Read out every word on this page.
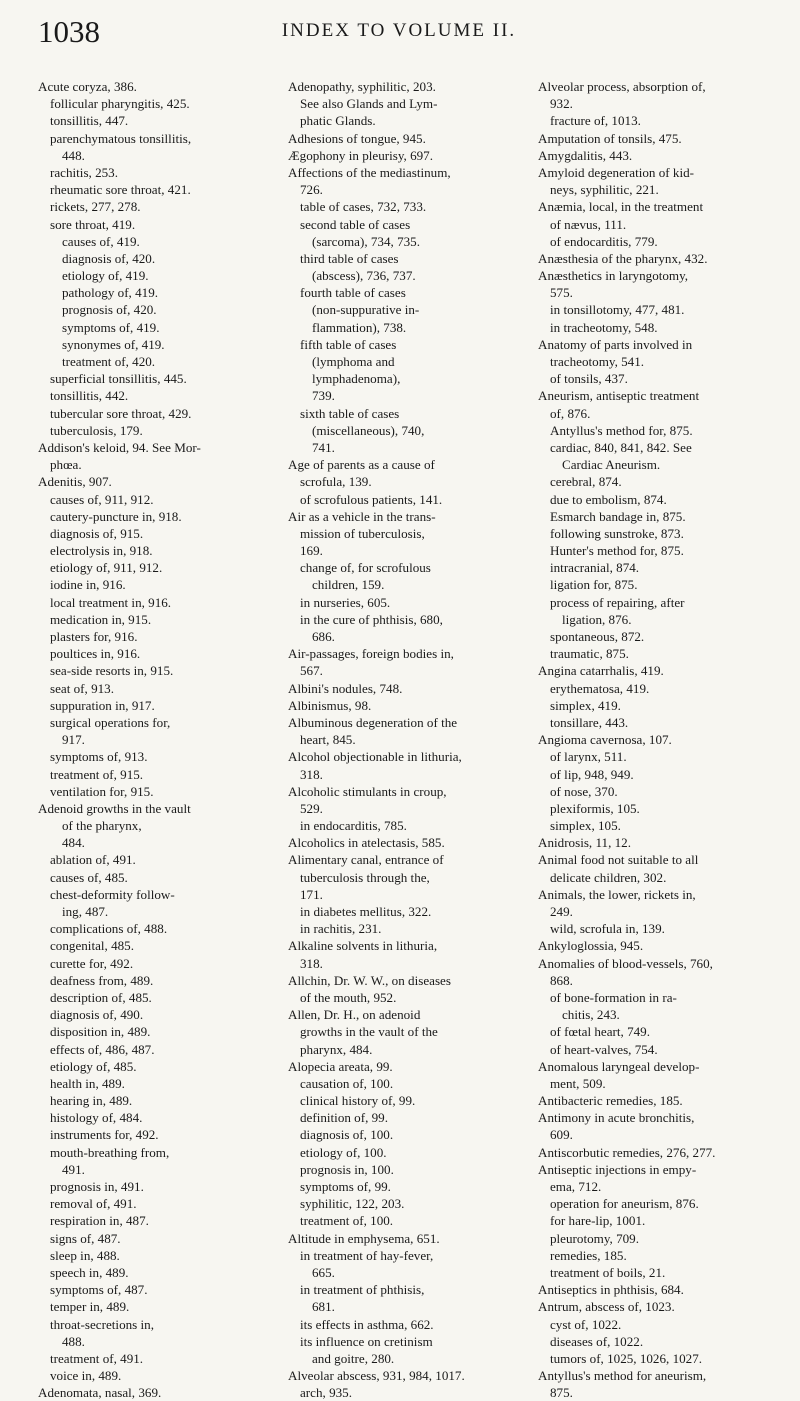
1038	INDEX TO VOLUME II.
Acute coryza, 386.
follicular pharyngitis, 425.
tonsillitis, 447.
parenchymatous tonsillitis,
448.
rachitis, 253.
rheumatic sore throat, 421.
rickets, 277, 278.
sore throat, 419.
causes of, 419.
diagnosis of, 420.
etiology of, 419.
pathology of, 419.
prognosis of, 420.
symptoms of, 419.
synonymes of, 419.
treatment of, 420.
superficial tonsillitis, 445.
tonsillitis, 442.
tubercular sore throat, 429.
tuberculosis, 179.
Addison's keloid, 94. See Mor-
phœa.
Adenitis, 907.
causes of, 911, 912.
cautery-puncture in, 918.
diagnosis of, 915.
electrolysis in, 918.
etiology of, 911, 912.
iodine in, 916.
local treatment in, 916.
medication in, 915.
plasters for, 916.
poultices in, 916.
sea-side resorts in, 915.
seat of, 913.
suppuration in, 917.
surgical operations for,
917.
symptoms of, 913.
treatment of, 915.
ventilation for, 915.
Adenoid growths in the vault
of the pharynx,
484.
ablation of, 491.
causes of, 485.
chest-deformity follow-
ing, 487.
complications of, 488.
congenital, 485.
curette for, 492.
deafness from, 489.
description of, 485.
diagnosis of, 490.
disposition in, 489.
effects of, 486, 487.
etiology of, 485.
health in, 489.
hearing in, 489.
histology of, 484.
instruments for, 492.
mouth-breathing from,
491.
prognosis in, 491.
removal of, 491.
respiration in, 487.
signs of, 487.
sleep in, 488.
speech in, 489.
symptoms of, 487.
temper in, 489.
throat-secretions in,
488.
treatment of, 491.
voice in, 489.
Adenomata, nasal, 369.
Adenopathy, syphilitic, 203.
See also Glands and Lym-
phatic Glands.
Adhesions of tongue, 945.
Ægophony in pleurisy, 697.
Affections of the mediastinum,
726.
table of cases, 732, 733.
second table of cases
(sarcoma), 734, 735.
third table of cases
(abscess), 736, 737.
fourth table of cases
(non-suppurative in-
flammation), 738.
fifth table of cases
(lymphoma and
lymphadenoma),
739.
sixth table of cases
(miscellaneous), 740,
741.
Age of parents as a cause of
scrofula, 139.
of scrofulous patients, 141.
Air as a vehicle in the trans-
mission of tuberculosis,
169.
change of, for scrofulous
children, 159.
in nurseries, 605.
in the cure of phthisis, 680,
686.
Air-passages, foreign bodies in,
567.
Albini's nodules, 748.
Albinismus, 98.
Albuminous degeneration of the
heart, 845.
Alcohol objectionable in lithuria,
318.
Alcoholic stimulants in croup,
529.
in endocarditis, 785.
Alcoholics in atelectasis, 585.
Alimentary canal, entrance of
tuberculosis through the,
171.
in diabetes mellitus, 322.
in rachitis, 231.
Alkaline solvents in lithuria,
318.
Allchin, Dr. W. W., on diseases
of the mouth, 952.
Allen, Dr. H., on adenoid
growths in the vault of the
pharynx, 484.
Alopecia areata, 99.
causation of, 100.
clinical history of, 99.
definition of, 99.
diagnosis of, 100.
etiology of, 100.
prognosis in, 100.
symptoms of, 99.
syphilitic, 122, 203.
treatment of, 100.
Altitude in emphysema, 651.
in treatment of hay-fever,
665.
in treatment of phthisis,
681.
its effects in asthma, 662.
its influence on cretinism
and goitre, 280.
Alveolar abscess, 931, 984, 1017.
arch, 935.
Alveolar process, absorption of,
932.
fracture of, 1013.
Amputation of tonsils, 475.
Amygdalitis, 443.
Amyloid degeneration of kid-
neys, syphilitic, 221.
Anæmia, local, in the treatment
of nævus, 111.
of endocarditis, 779.
Anæsthesia of the pharynx, 432.
Anæsthetics in laryngotomy,
575.
in tonsillotomy, 477, 481.
in tracheotomy, 548.
Anatomy of parts involved in
tracheotomy, 541.
of tonsils, 437.
Aneurism, antiseptic treatment
of, 876.
Antyllus's method for, 875.
cardiac, 840, 841, 842. See
Cardiac Aneurism.
cerebral, 874.
due to embolism, 874.
Esmarch bandage in, 875.
following sunstroke, 873.
Hunter's method for, 875.
intracranial, 874.
ligation for, 875.
process of repairing, after
ligation, 876.
spontaneous, 872.
traumatic, 875.
Angina catarrhalis, 419.
erythematosa, 419.
simplex, 419.
tonsillare, 443.
Angioma cavernosa, 107.
of larynx, 511.
of lip, 948, 949.
of nose, 370.
plexiformis, 105.
simplex, 105.
Anidrosis, 11, 12.
Animal food not suitable to all
delicate children, 302.
Animals, the lower, rickets in,
249.
wild, scrofula in, 139.
Ankyloglossia, 945.
Anomalies of blood-vessels, 760,
868.
of bone-formation in ra-
chitis, 243.
of fœtal heart, 749.
of heart-valves, 754.
Anomalous laryngeal develop-
ment, 509.
Antibacteric remedies, 185.
Antimony in acute bronchitis,
609.
Antiscorbutic remedies, 276, 277.
Antiseptic injections in empy-
ema, 712.
operation for aneurism, 876.
for hare-lip, 1001.
pleurotomy, 709.
remedies, 185.
treatment of boils, 21.
Antiseptics in phthisis, 684.
Antrum, abscess of, 1023.
cyst of, 1022.
diseases of, 1022.
tumors of, 1025, 1026, 1027.
Antyllus's method for aneurism,
875.
